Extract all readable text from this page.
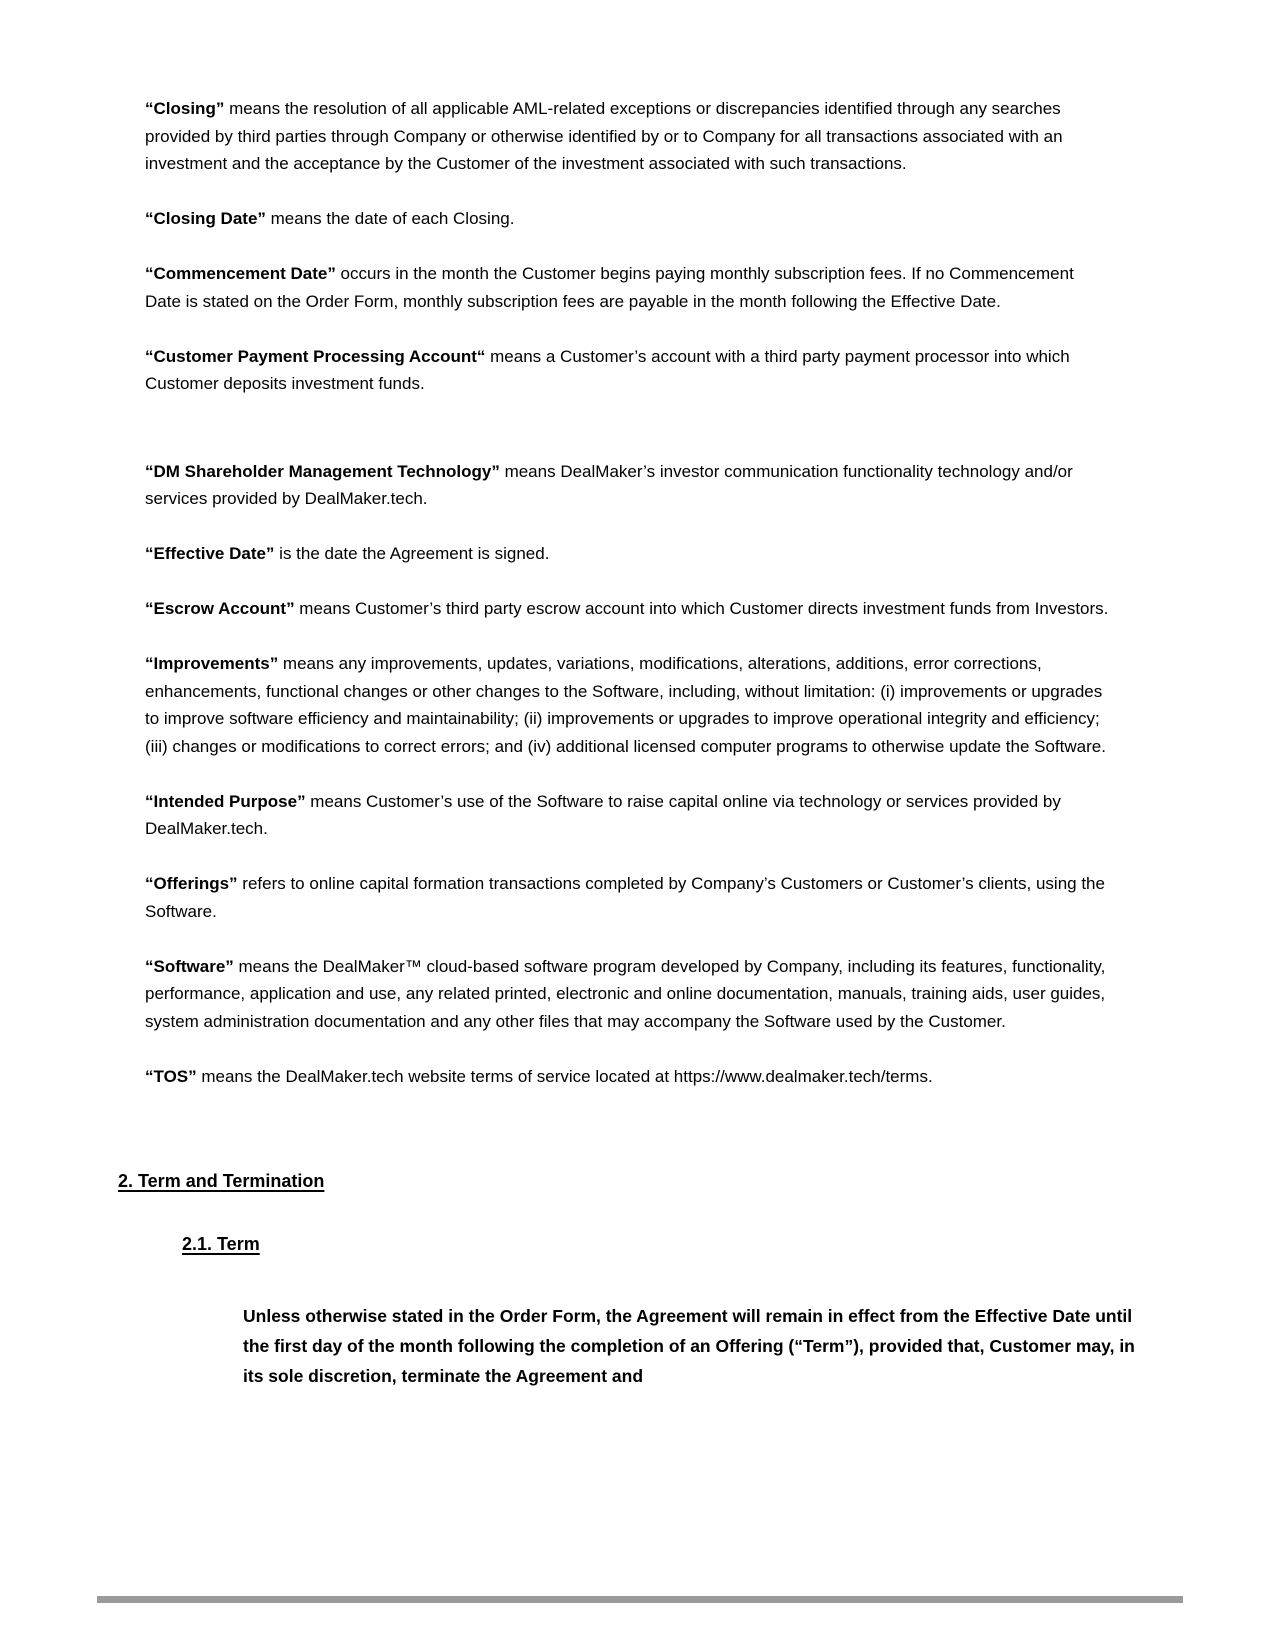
“Closing” means the resolution of all applicable AML-related exceptions or discrepancies identified through any searches provided by third parties through Company or otherwise identified by or to Company for all transactions associated with an investment and the acceptance by the Customer of the investment associated with such transactions.

“Closing Date” means the date of each Closing.

“Commencement Date” occurs in the month the Customer begins paying monthly subscription fees. If no Commencement Date is stated on the Order Form, monthly subscription fees are payable in the month following the Effective Date.

“Customer Payment Processing Account“ means a Customer’s account with a third party payment processor into which Customer deposits investment funds.

“DM Shareholder Management Technology” means DealMaker’s investor communication functionality technology and/or services provided by DealMaker.tech.

“Effective Date” is the date the Agreement is signed.

“Escrow Account” means Customer’s third party escrow account into which Customer directs investment funds from Investors.

“Improvements” means any improvements, updates, variations, modifications, alterations, additions, error corrections, enhancements, functional changes or other changes to the Software, including, without limitation: (i) improvements or upgrades to improve software efficiency and maintainability; (ii) improvements or upgrades to improve operational integrity and efficiency; (iii) changes or modifications to correct errors; and (iv) additional licensed computer programs to otherwise update the Software.

“Intended Purpose” means Customer’s use of the Software to raise capital online via technology or services provided by DealMaker.tech.

“Offerings” refers to online capital formation transactions completed by Company’s Customers or Customer’s clients, using the Software.

“Software” means the DealMaker™ cloud-based software program developed by Company, including its features, functionality, performance, application and use, any related printed, electronic and online documentation, manuals, training aids, user guides, system administration documentation and any other files that may accompany the Software used by the Customer.

“TOS” means the DealMaker.tech website terms of service located at https://www.dealmaker.tech/terms.

2. Term and Termination
2.1. Term

Unless otherwise stated in the Order Form, the Agreement will remain in effect from the Effective Date until the first day of the month following the completion of an Offering (“Term”), provided that, Customer may, in its sole discretion, terminate the Agreement and
